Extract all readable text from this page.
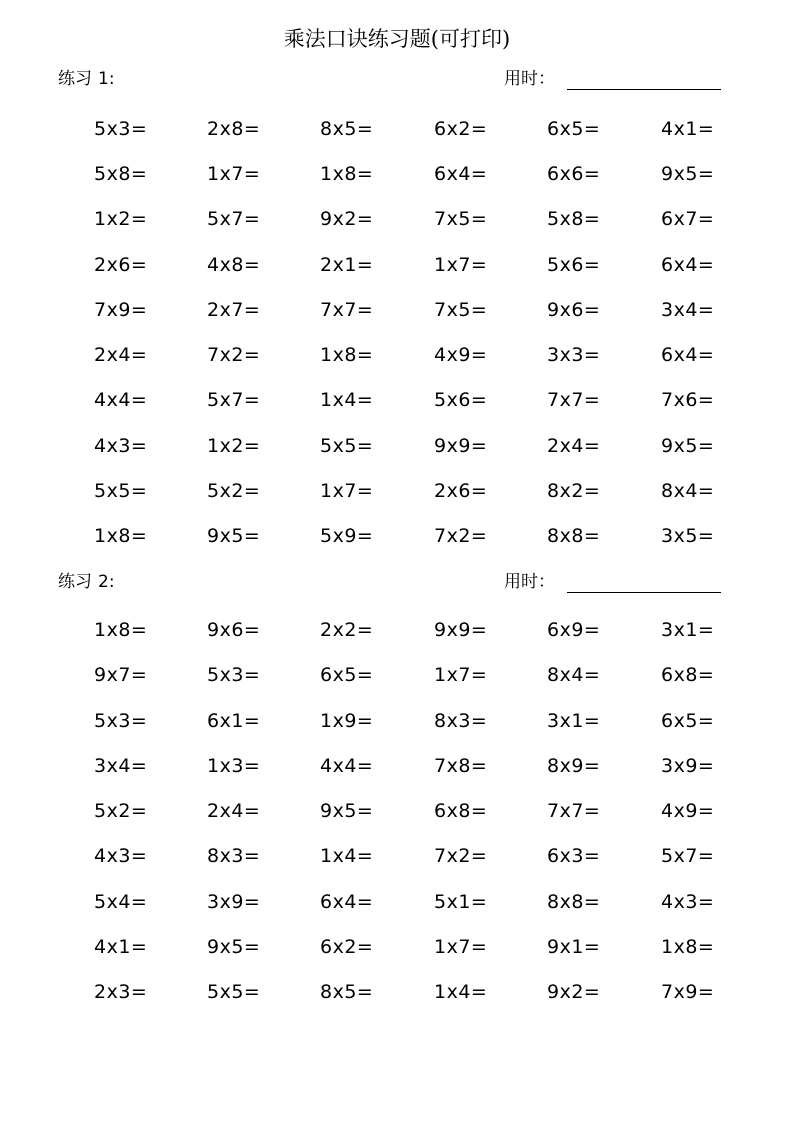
乘法口诀练习题(可打印)
练习 1:	用时：
5x3=	2x8=	8x5=	6x2=	6x5=	4x1=
5x8=	1x7=	1x8=	6x4=	6x6=	9x5=
1x2=	5x7=	9x2=	7x5=	5x8=	6x7=
2x6=	4x8=	2x1=	1x7=	5x6=	6x4=
7x9=	2x7=	7x7=	7x5=	9x6=	3x4=
2x4=	7x2=	1x8=	4x9=	3x3=	6x4=
4x4=	5x7=	1x4=	5x6=	7x7=	7x6=
4x3=	1x2=	5x5=	9x9=	2x4=	9x5=
5x5=	5x2=	1x7=	2x6=	8x2=	8x4=
1x8=	9x5=	5x9=	7x2=	8x8=	3x5=
练习 2:	用时：
1x8=	9x6=	2x2=	9x9=	6x9=	3x1=
9x7=	5x3=	6x5=	1x7=	8x4=	6x8=
5x3=	6x1=	1x9=	8x3=	3x1=	6x5=
3x4=	1x3=	4x4=	7x8=	8x9=	3x9=
5x2=	2x4=	9x5=	6x8=	7x7=	4x9=
4x3=	8x3=	1x4=	7x2=	6x3=	5x7=
5x4=	3x9=	6x4=	5x1=	8x8=	4x3=
4x1=	9x5=	6x2=	1x7=	9x1=	1x8=
2x3=	5x5=	8x5=	1x4=	9x2=	7x9=
